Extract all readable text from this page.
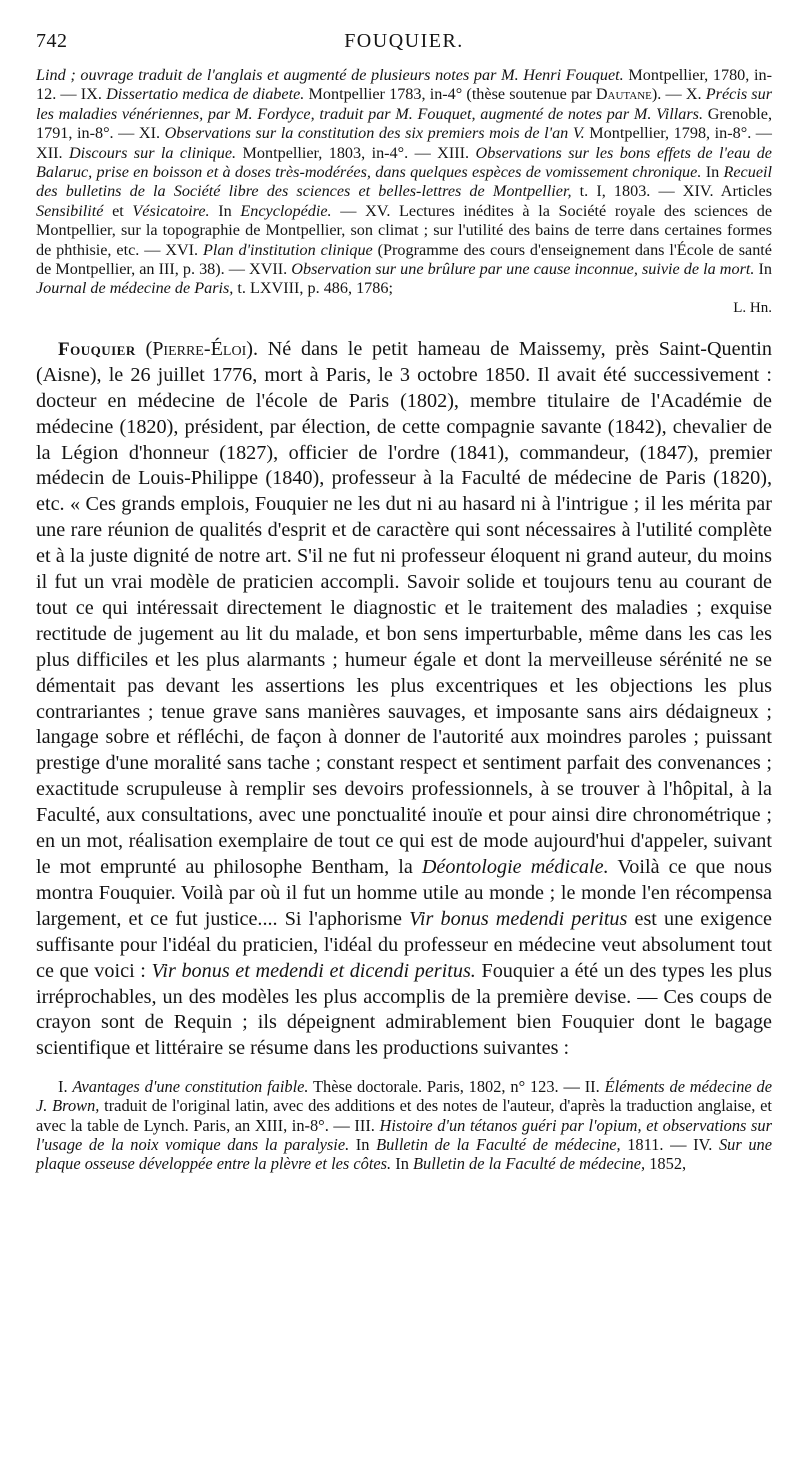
742	FOUQUIER.

Lind ; ouvrage traduit de l'anglais et augmenté de plusieurs notes par M. Henri Fouquet. Montpellier, 1780, in-12. — IX. Dissertatio medica de diabete. Montpellier 1783, in-4° (thèse soutenue par Dautane). — X. Précis sur les maladies vénériennes, par M. Fordyce, traduit par M. Fouquet, augmenté de notes par M. Villars. Grenoble, 1791, in-8°. — XI. Observations sur la constitution des six premiers mois de l'an V. Montpellier, 1798, in-8°. — XII. Discours sur la clinique. Montpellier, 1803, in-4°. — XIII. Observations sur les bons effets de l'eau de Balaruc, prise en boisson et à doses très-modérées, dans quelques espèces de vomissement chronique. In Recueil des bulletins de la Société libre des sciences et belles-lettres de Montpellier, t. I, 1803. — XIV. Articles Sensibilité et Vésicatoire. In Encyclopédie. — XV. Lectures inédites à la Société royale des sciences de Montpellier, sur la topographie de Montpellier, son climat ; sur l'utilité des bains de terre dans certaines formes de phthisie, etc. — XVI. Plan d'institution clinique (Programme des cours d'enseignement dans l'École de santé de Montpellier, an III, p. 38). — XVII. Observation sur une brûlure par une cause inconnue, suivie de la mort. In Journal de médecine de Paris, t. LXVIII, p. 486, 1786;

L. Hn.

Fouquier (Pierre-Éloi). Né dans le petit hameau de Maissemy, près Saint-Quentin (Aisne), le 26 juillet 1776, mort à Paris, le 3 octobre 1850. Il avait été successivement : docteur en médecine de l'école de Paris (1802), membre titulaire de l'Académie de médecine (1820), président, par élection, de cette compagnie savante (1842), chevalier de la Légion d'honneur (1827), officier de l'ordre (1841), commandeur, (1847), premier médecin de Louis-Philippe (1840), professeur à la Faculté de médecine de Paris (1820), etc. « Ces grands emplois, Fouquier ne les dut ni au hasard ni à l'intrigue ; il les mérita par une rare réunion de qualités d'esprit et de caractère qui sont nécessaires à l'utilité complète et à la juste dignité de notre art. S'il ne fut ni professeur éloquent ni grand auteur, du moins il fut un vrai modèle de praticien accompli. Savoir solide et toujours tenu au courant de tout ce qui intéressait directement le diagnostic et le traitement des maladies ; exquise rectitude de jugement au lit du malade, et bon sens imperturbable, même dans les cas les plus difficiles et les plus alarmants ; humeur égale et dont la merveilleuse sérénité ne se démentait pas devant les assertions les plus excentriques et les objections les plus contrariantes ; tenue grave sans manières sauvages, et imposante sans airs dédaigneux ; langage sobre et réfléchi, de façon à donner de l'autorité aux moindres paroles ; puissant prestige d'une moralité sans tache ; constant respect et sentiment parfait des convenances ; exactitude scrupuleuse à remplir ses devoirs professionnels, à se trouver à l'hôpital, à la Faculté, aux consultations, avec une ponctualité inouïe et pour ainsi dire chronométrique ; en un mot, réalisation exemplaire de tout ce qui est de mode aujourd'hui d'appeler, suivant le mot emprunté au philosophe Bentham, la Déontologie médicale. Voilà ce que nous montra Fouquier. Voilà par où il fut un homme utile au monde ; le monde l'en récompensa largement, et ce fut justice.... Si l'aphorisme Vir bonus medendi peritus est une exigence suffisante pour l'idéal du praticien, l'idéal du professeur en médecine veut absolument tout ce que voici : Vir bonus et medendi et dicendi peritus. Fouquier a été un des types les plus irréprochables, un des modèles les plus accomplis de la première devise. — Ces coups de crayon sont de Requin ; ils dépeignent admirablement bien Fouquier dont le bagage scientifique et littéraire se résume dans les productions suivantes :

I. Avantages d'une constitution faible. Thèse doctorale. Paris, 1802, n° 123. — II. Éléments de médecine de J. Brown, traduit de l'original latin, avec des additions et des notes de l'auteur, d'après la traduction anglaise, et avec la table de Lynch. Paris, an XIII, in-8°. — III. Histoire d'un tétanos guéri par l'opium, et observations sur l'usage de la noix vomique dans la paralysie. In Bulletin de la Faculté de médecine, 1811. — IV. Sur une plaque osseuse développée entre la plèvre et les côtes. In Bulletin de la Faculté de médecine, 1852,
